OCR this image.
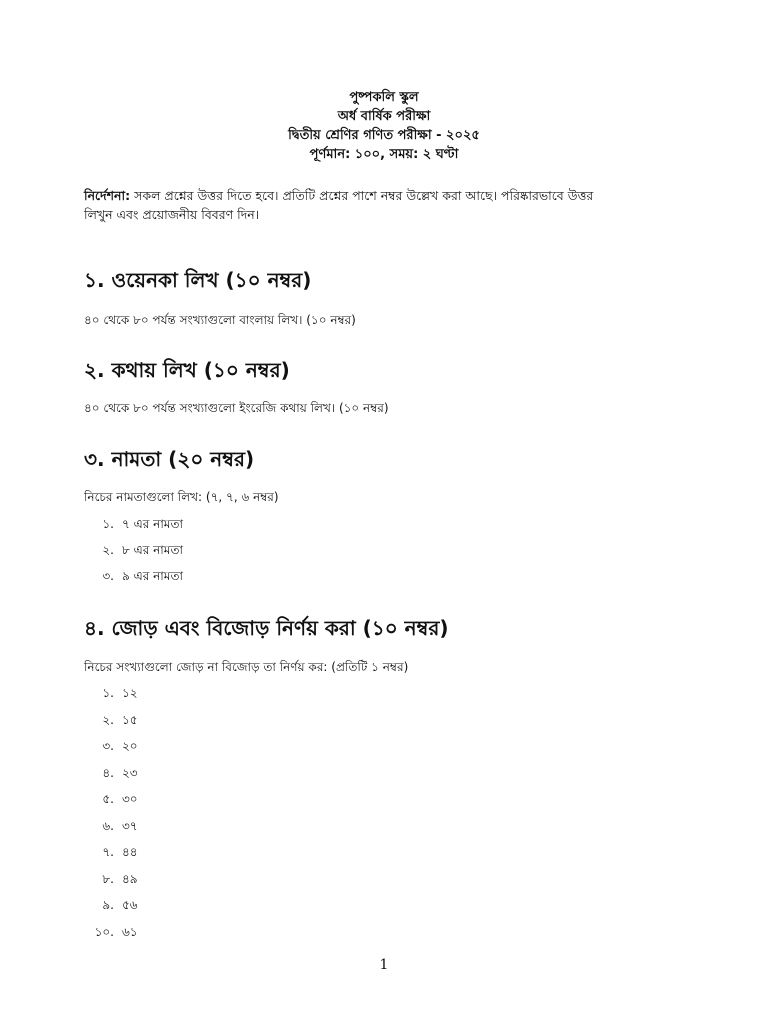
পুষ্পকলি স্কুল
অর্ধ বার্ষিক পরীক্ষা
দ্বিতীয় শ্রেণির গণিত পরীক্ষা - ২০২৫
পূর্ণমান: ১০০, সময়: ২ ঘণ্টা
নির্দেশনা: সকল প্রশ্নের উত্তর দিতে হবে। প্রতিটি প্রশ্নের পাশে নম্বর উল্লেখ করা আছে। পরিষ্কারভাবে উত্তর
লিখুন এবং প্রয়োজনীয় বিবরণ দিন।
১. ওয়েনকা লিখ (১০ নম্বর)
৪০ থেকে ৮০ পর্যন্ত সংখ্যাগুলো বাংলায় লিখ। (১০ নম্বর)
২. কথায় লিখ (১০ নম্বর)
৪০ থেকে ৮০ পর্যন্ত সংখ্যাগুলো ইংরেজি কথায় লিখ। (১০ নম্বর)
৩. নামতা (২০ নম্বর)
নিচের নামতাগুলো লিখ: (৭, ৭, ৬ নম্বর)
১. ৭ এর নামতা
২. ৮ এর নামতা
৩. ৯ এর নামতা
৪. জোড় এবং বিজোড় নির্ণয় করা (১০ নম্বর)
নিচের সংখ্যাগুলো জোড় না বিজোড় তা নির্ণয় কর: (প্রতিটি ১ নম্বর)
১. ১২
২. ১৫
৩. ২০
৪. ২৩
৫. ৩০
৬. ৩৭
৭. ৪৪
৮. ৪৯
৯. ৫৬
১০. ৬১
1
